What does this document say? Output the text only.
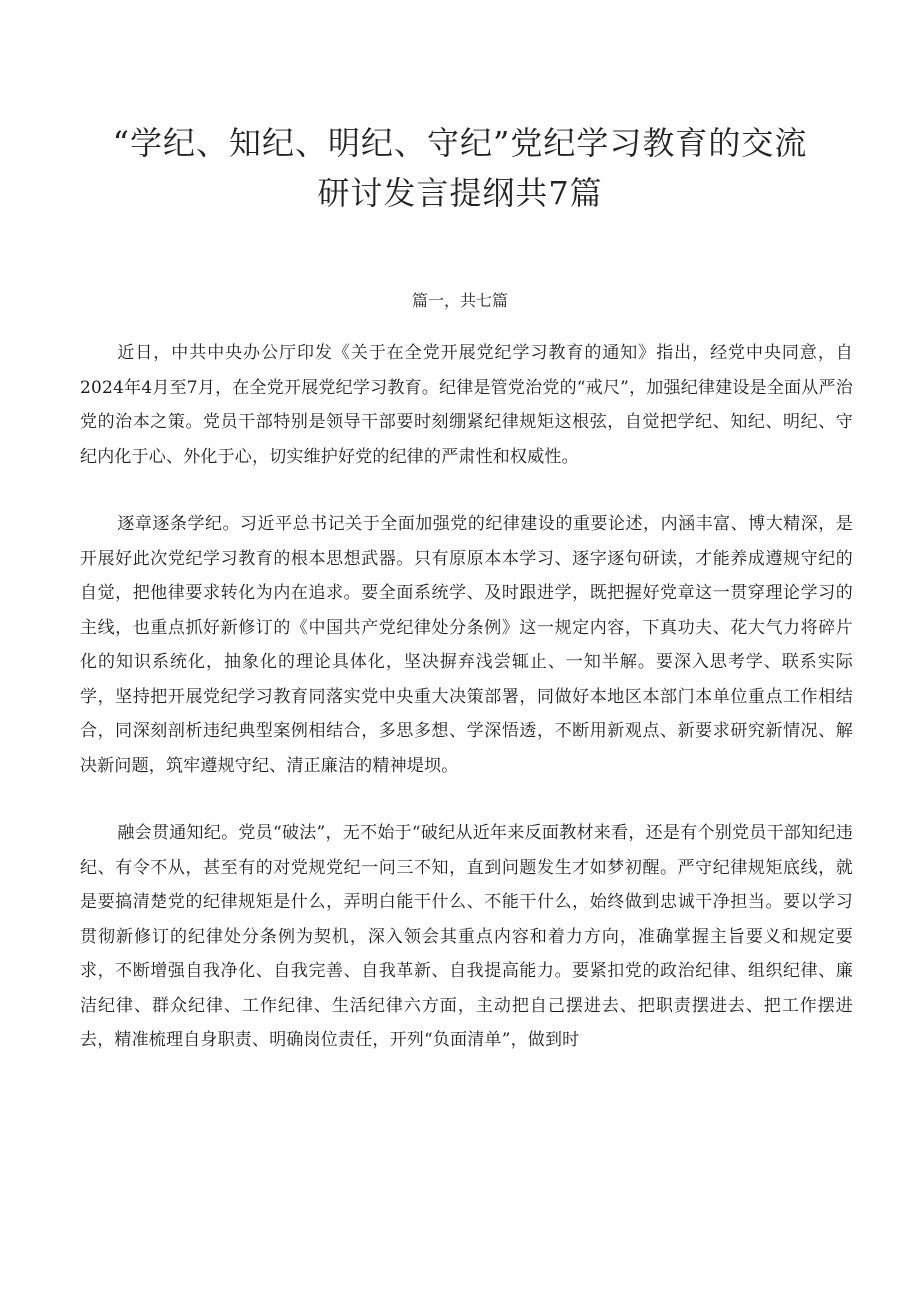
“学纪、知纪、明纪、守纪”党纪学习教育的交流
研讨发言提纲共7篇

篇一，共七篇

近日，中共中央办公厅印发《关于在全党开展党纪学习教育的通知》指出，经党中央同意，自2024年4月至7月，在全党开展党纪学习教育。纪律是管党治党的“戒尺”，加强纪律建设是全面从严治党的治本之策。党员干部特别是领导干部要时刻绷紧纪律规矩这根弦，自觉把学纪、知纪、明纪、守纪内化于心、外化于心，切实维护好党的纪律的严肃性和权威性。

逐章逐条学纪。习近平总书记关于全面加强党的纪律建设的重要论述，内涵丰富、博大精深，是开展好此次党纪学习教育的根本思想武器。只有原原本本学习、逐字逐句研读，才能养成遵规守纪的自觉，把他律要求转化为内在追求。要全面系统学、及时跟进学，既把握好党章这一贯穿理论学习的主线，也重点抓好新修订的《中国共产党纪律处分条例》这一规定内容，下真功夫、花大气力将碎片化的知识系统化，抽象化的理论具体化，坚决摒弃浅尝辄止、一知半解。要深入思考学、联系实际学，坚持把开展党纪学习教育同落实党中央重大决策部署，同做好本地区本部门本单位重点工作相结合，同深刻剖析违纪典型案例相结合，多思多想、学深悟透，不断用新观点、新要求研究新情况、解决新问题，筑牢遵规守纪、清正廉洁的精神堤坝。

融会贯通知纪。党员“破法”，无不始于“破纪从近年来反面教材来看，还是有个别党员干部知纪违纪、有令不从，甚至有的对党规党纪一问三不知，直到问题发生才如梦初醒。严守纪律规矩底线，就是要搞清楚党的纪律规矩是什么，弄明白能干什么、不能干什么，始终做到忠诚干净担当。要以学习贯彻新修订的纪律处分条例为契机，深入领会其重点内容和着力方向，准确掌握主旨要义和规定要求，不断增强自我净化、自我完善、自我革新、自我提高能力。要紧扣党的政治纪律、组织纪律、廉洁纪律、群众纪律、工作纪律、生活纪律六方面，主动把自己摆进去、把职责摆进去、把工作摆进去，精准梳理自身职责、明确岗位责任，开列“负面清单”，做到时
